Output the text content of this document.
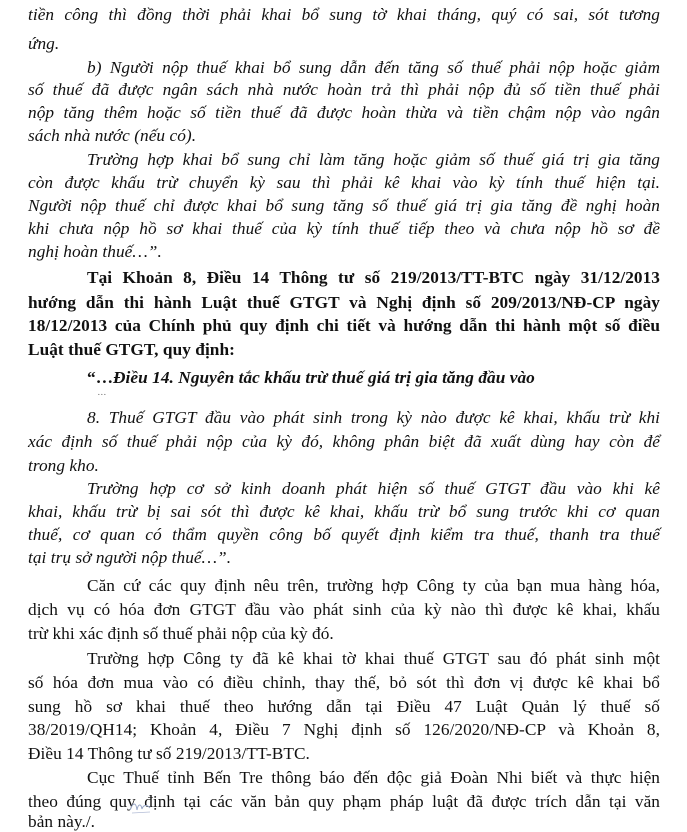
tiền công thì đồng thời phải khai bổ sung tờ khai tháng, quý có sai, sót tương
ứng.
b) Người nộp thuế khai bổ sung dẫn đến tăng số thuế phải nộp hoặc giảm
số thuế đã được ngân sách nhà nước hoàn trả thì phải nộp đủ số tiền thuế phải
nộp tăng thêm hoặc số tiền thuế đã được hoàn thừa và tiền chậm nộp vào ngân
sách nhà nước (nếu có).
Trường hợp khai bổ sung chỉ làm tăng hoặc giảm số thuế giá trị gia tăng
còn được khấu trừ chuyển kỳ sau thì phải kê khai vào kỳ tính thuế hiện tại.
Người nộp thuế chỉ được khai bổ sung tăng số thuế giá trị gia tăng đề nghị hoàn
khi chưa nộp hồ sơ khai thuế của kỳ tính thuế tiếp theo và chưa nộp hồ sơ đề
nghị hoàn thuế…”.
Tại Khoản 8, Điều 14 Thông tư số 219/2013/TT-BTC ngày 31/12/2013
hướng dẫn thi hành Luật thuế GTGT và Nghị định số 209/2013/NĐ-CP ngày
18/12/2013 của Chính phủ quy định chi tiết và hướng dẫn thi hành một số điều
Luật thuế GTGT, quy định:
“…Điều 14. Nguyên tắc khấu trừ thuế giá trị gia tăng đầu vào
…
8. Thuế GTGT đầu vào phát sinh trong kỳ nào được kê khai, khấu trừ khi
xác định số thuế phải nộp của kỳ đó, không phân biệt đã xuất dùng hay còn để
trong kho.
Trường hợp cơ sở kinh doanh phát hiện số thuế GTGT đầu vào khi kê
khai, khấu trừ bị sai sót thì được kê khai, khấu trừ bổ sung trước khi cơ quan
thuế, cơ quan có thẩm quyền công bố quyết định kiểm tra thuế, thanh tra thuế
tại trụ sở người nộp thuế…”.
Căn cứ các quy định nêu trên, trường hợp Công ty của bạn mua hàng hóa,
dịch vụ có hóa đơn GTGT đầu vào phát sinh của kỳ nào thì được kê khai, khấu
trừ khi xác định số thuế phải nộp của kỳ đó.
Trường hợp Công ty đã kê khai tờ khai thuế GTGT sau đó phát sinh một
số hóa đơn mua vào có điều chỉnh, thay thế, bỏ sót thì đơn vị được kê khai bổ
sung hồ sơ khai thuế theo hướng dẫn tại Điều 47 Luật Quản lý thuế số
38/2019/QH14; Khoản 4, Điều 7 Nghị định số 126/2020/NĐ-CP và Khoản 8,
Điều 14 Thông tư số 219/2013/TT-BTC.
Cục Thuế tỉnh Bến Tre thông báo đến độc giả Đoàn Nhi biết và thực hiện
theo đúng quy định tại các văn bản quy phạm pháp luật đã được trích dẫn tại văn
bản này./.
